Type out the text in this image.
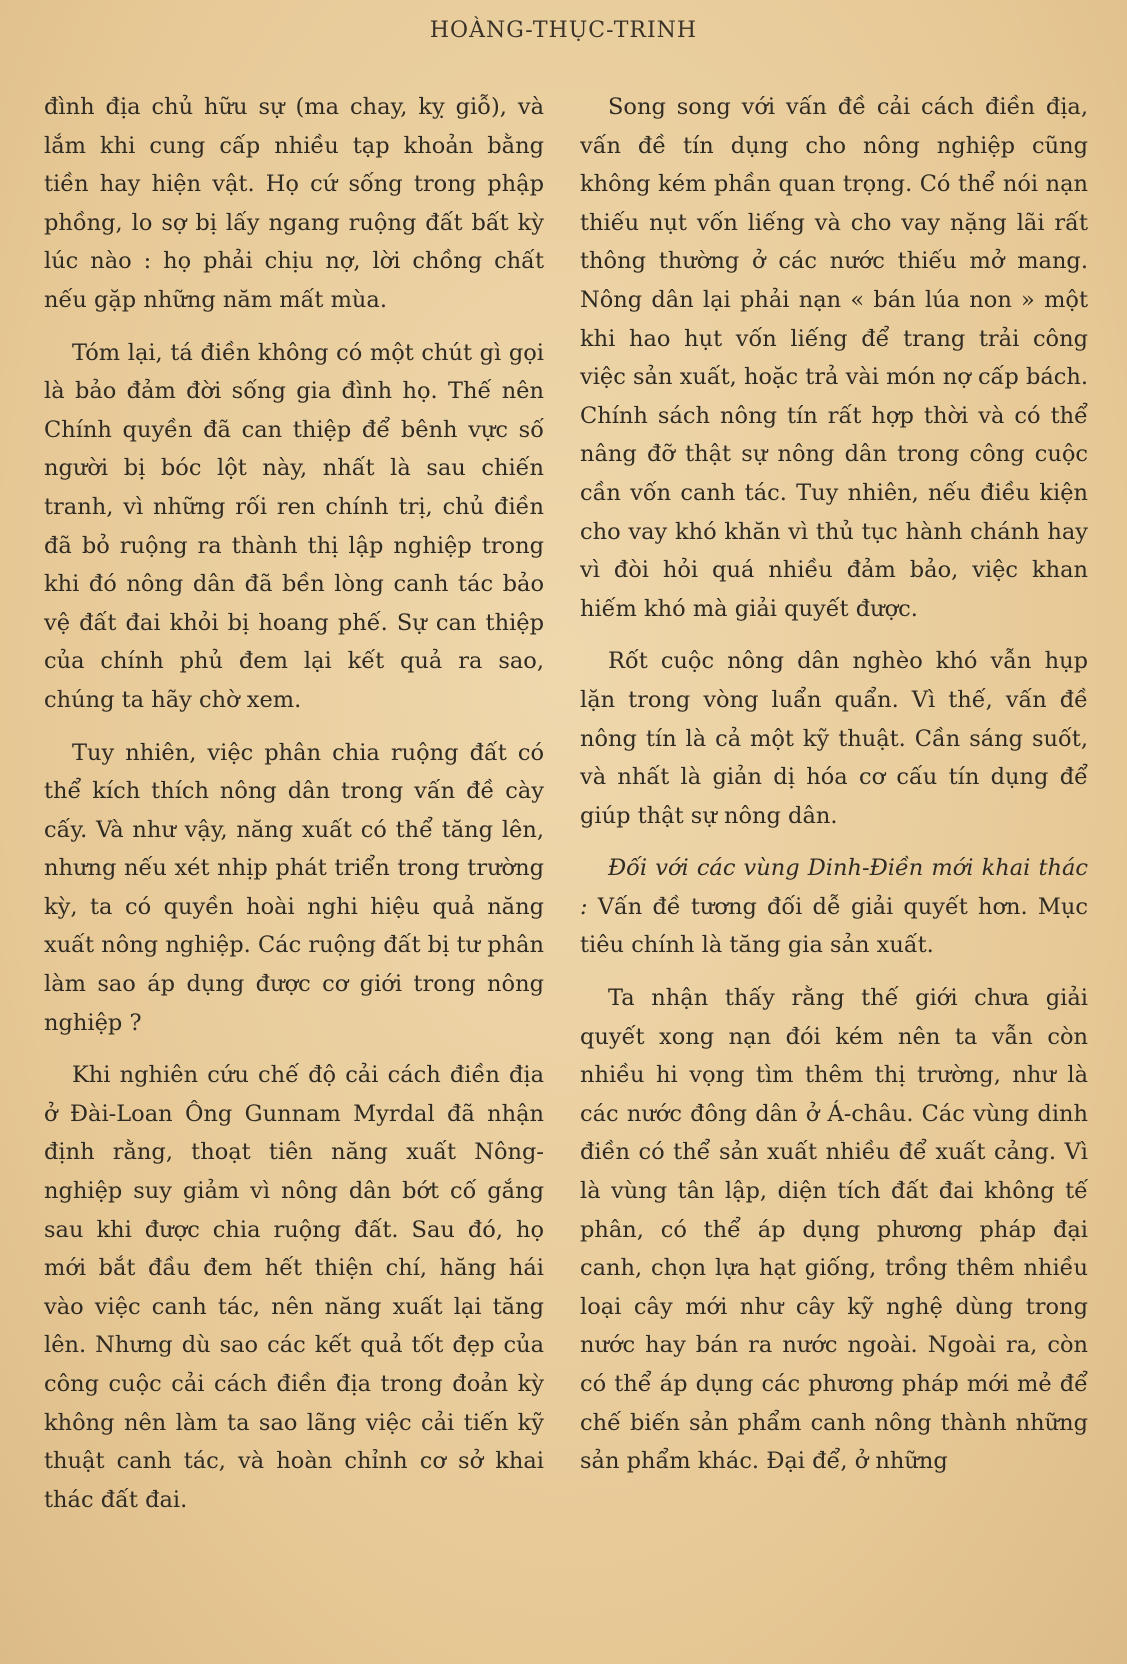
HOÀNG-THỤC-TRINH

đình địa chủ hữu sự (ma chay, kỵ giỗ), và lắm khi cung cấp nhiều tạp khoản bằng tiền hay hiện vật. Họ cứ sống trong phập phồng, lo sợ bị lấy ngang ruộng đất bất kỳ lúc nào : họ phải chịu nợ, lời chồng chất nếu gặp những năm mất mùa.

Tóm lại, tá điền không có một chút gì gọi là bảo đảm đời sống gia đình họ. Thế nên Chính quyền đã can thiệp để bênh vực số người bị bóc lột này, nhất là sau chiến tranh, vì những rối ren chính trị, chủ điền đã bỏ ruộng ra thành thị lập nghiệp trong khi đó nông dân đã bền lòng canh tác bảo vệ đất đai khỏi bị hoang phế. Sự can thiệp của chính phủ đem lại kết quả ra sao, chúng ta hãy chờ xem.

Tuy nhiên, việc phân chia ruộng đất có thể kích thích nông dân trong vấn đề cày cấy. Và như vậy, năng xuất có thể tăng lên, nhưng nếu xét nhịp phát triển trong trường kỳ, ta có quyền hoài nghi hiệu quả năng xuất nông nghiệp. Các ruộng đất bị tư phân làm sao áp dụng được cơ giới trong nông nghiệp ?

Khi nghiên cứu chế độ cải cách điền địa ở Đài-Loan Ông Gunnam Myrdal đã nhận định rằng, thoạt tiên năng xuất Nông-nghiệp suy giảm vì nông dân bớt cố gắng sau khi được chia ruộng đất. Sau đó, họ mới bắt đầu đem hết thiện chí, hăng hái vào việc canh tác, nên năng xuất lại tăng lên. Nhưng dù sao các kết quả tốt đẹp của công cuộc cải cách điền địa trong đoản kỳ không nên làm ta sao lãng việc cải tiến kỹ thuật canh tác, và hoàn chỉnh cơ sở khai thác đất đai.

Song song với vấn đề cải cách điền địa, vấn đề tín dụng cho nông nghiệp cũng không kém phần quan trọng. Có thể nói nạn thiếu nụt vốn liếng và cho vay nặng lãi rất thông thường ở các nước thiếu mở mang. Nông dân lại phải nạn « bán lúa non » một khi hao hụt vốn liếng để trang trải công việc sản xuất, hoặc trả vài món nợ cấp bách. Chính sách nông tín rất hợp thời và có thể nâng đỡ thật sự nông dân trong công cuộc cần vốn canh tác. Tuy nhiên, nếu điều kiện cho vay khó khăn vì thủ tục hành chánh hay vì đòi hỏi quá nhiều đảm bảo, việc khan hiếm khó mà giải quyết được.

Rốt cuộc nông dân nghèo khó vẫn hụp lặn trong vòng luẩn quẩn. Vì thế, vấn đề nông tín là cả một kỹ thuật. Cần sáng suốt, và nhất là giản dị hóa cơ cấu tín dụng để giúp thật sự nông dân.

Đối với các vùng Dinh-Điền mới khai thác : Vấn đề tương đối dễ giải quyết hơn. Mục tiêu chính là tăng gia sản xuất.

Ta nhận thấy rằng thế giới chưa giải quyết xong nạn đói kém nên ta vẫn còn nhiều hi vọng tìm thêm thị trường, như là các nước đông dân ở Á-châu. Các vùng dinh điền có thể sản xuất nhiều để xuất cảng. Vì là vùng tân lập, diện tích đất đai không tế phân, có thể áp dụng phương pháp đại canh, chọn lựa hạt giống, trồng thêm nhiều loại cây mới như cây kỹ nghệ dùng trong nước hay bán ra nước ngoài. Ngoài ra, còn có thể áp dụng các phương pháp mới mẻ để chế biến sản phẩm canh nông thành những sản phẩm khác. Đại để, ở những
